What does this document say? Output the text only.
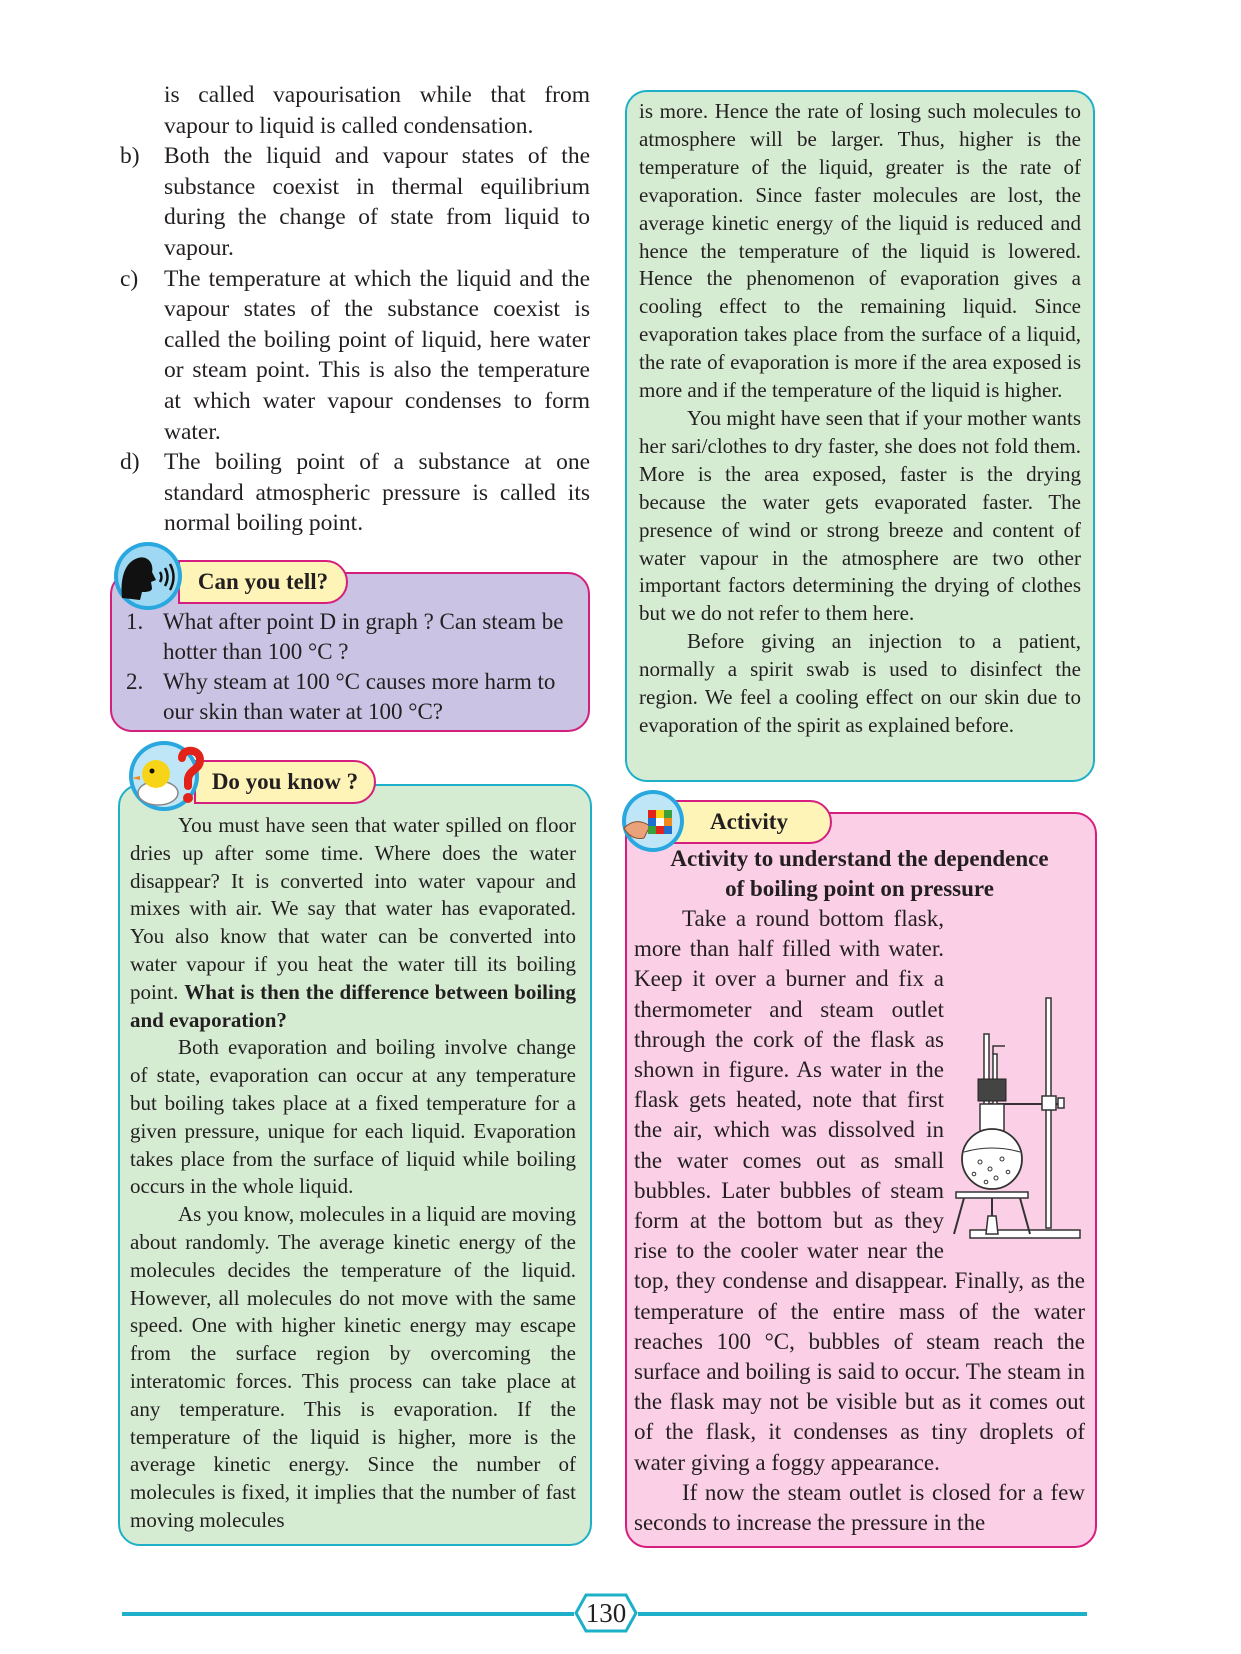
is called vapourisation while that from vapour to liquid is called condensation.

b)	Both the liquid and vapour states of the substance coexist in thermal equilibrium during the change of state from liquid to vapour.

c)	The temperature at which the liquid and the vapour states of the substance coexist is called the boiling point of liquid, here water or steam point. This is also the temperature at which water vapour condenses to form water.

d)	The boiling point of a substance at one standard atmospheric pressure is called its normal boiling point.

1. What after point D in graph ? Can steam be hotter than 100 °C ?

2. Why steam at 100 °C causes more harm to our skin than water at 100 °C?

Can you tell?

You must have seen that water spilled on floor dries up after some time. Where does the water disappear? It is converted into water vapour and mixes with air. We say that water has evaporated. You also know that water can be converted into water vapour if you heat the water till its boiling point. What is then the difference between boiling and evaporation?

Both evaporation and boiling involve change of state, evaporation can occur at any temperature but boiling takes place at a fixed temperature for a given pressure, unique for each liquid. Evaporation takes place from the surface of liquid while boiling occurs in the whole liquid.

As you know, molecules in a liquid are moving about randomly. The average kinetic energy of the molecules decides the temperature of the liquid. However, all molecules do not move with the same speed. One with higher kinetic energy may escape from the surface region by overcoming the interatomic forces. This process can take place at any temperature. This is evaporation. If the temperature of the liquid is higher, more is the average kinetic energy. Since the number of molecules is fixed, it implies that the number of fast moving molecules

Do you know ?

is more. Hence the rate of losing such molecules to atmosphere will be larger. Thus, higher is the temperature of the liquid, greater is the rate of evaporation. Since faster molecules are lost, the average kinetic energy of the liquid is reduced and hence the temperature of the liquid is lowered. Hence the phenomenon of evaporation gives a cooling effect to the remaining liquid. Since evaporation takes place from the surface of a liquid, the rate of evaporation is more if the area exposed is more and if the temperature of the liquid is higher.

You might have seen that if your mother wants her sari/clothes to dry faster, she does not fold them. More is the area exposed, faster is the drying because the water gets evaporated faster. The presence of wind or strong breeze and content of water vapour in the atmosphere are two other important factors determining the drying of clothes but we do not refer to them here.

Before giving an injection to a patient, normally a spirit swab is used to disinfect the region. We feel a cooling effect on our skin due to evaporation of the spirit as explained before.

Activity to understand the dependence

of boiling point on pressure

Take a round bottom flask, more than half filled with water. Keep it over a burner and fix a thermometer and steam outlet through the cork of the flask as shown in figure. As water in the flask gets heated, note that first the air, which was dissolved in the water comes out as small bubbles. Later bubbles of steam form at the bottom but as they rise to the cooler water near the top, they condense and disappear. Finally, as the temperature of the entire mass of the water reaches 100 °C, bubbles of steam reach the surface and boiling is said to occur. The steam in the flask may not be visible but as it comes out of the flask, it condenses as tiny droplets of water giving a foggy appearance.

If now the steam outlet is closed for a few seconds to increase the pressure in the

Activity
130
